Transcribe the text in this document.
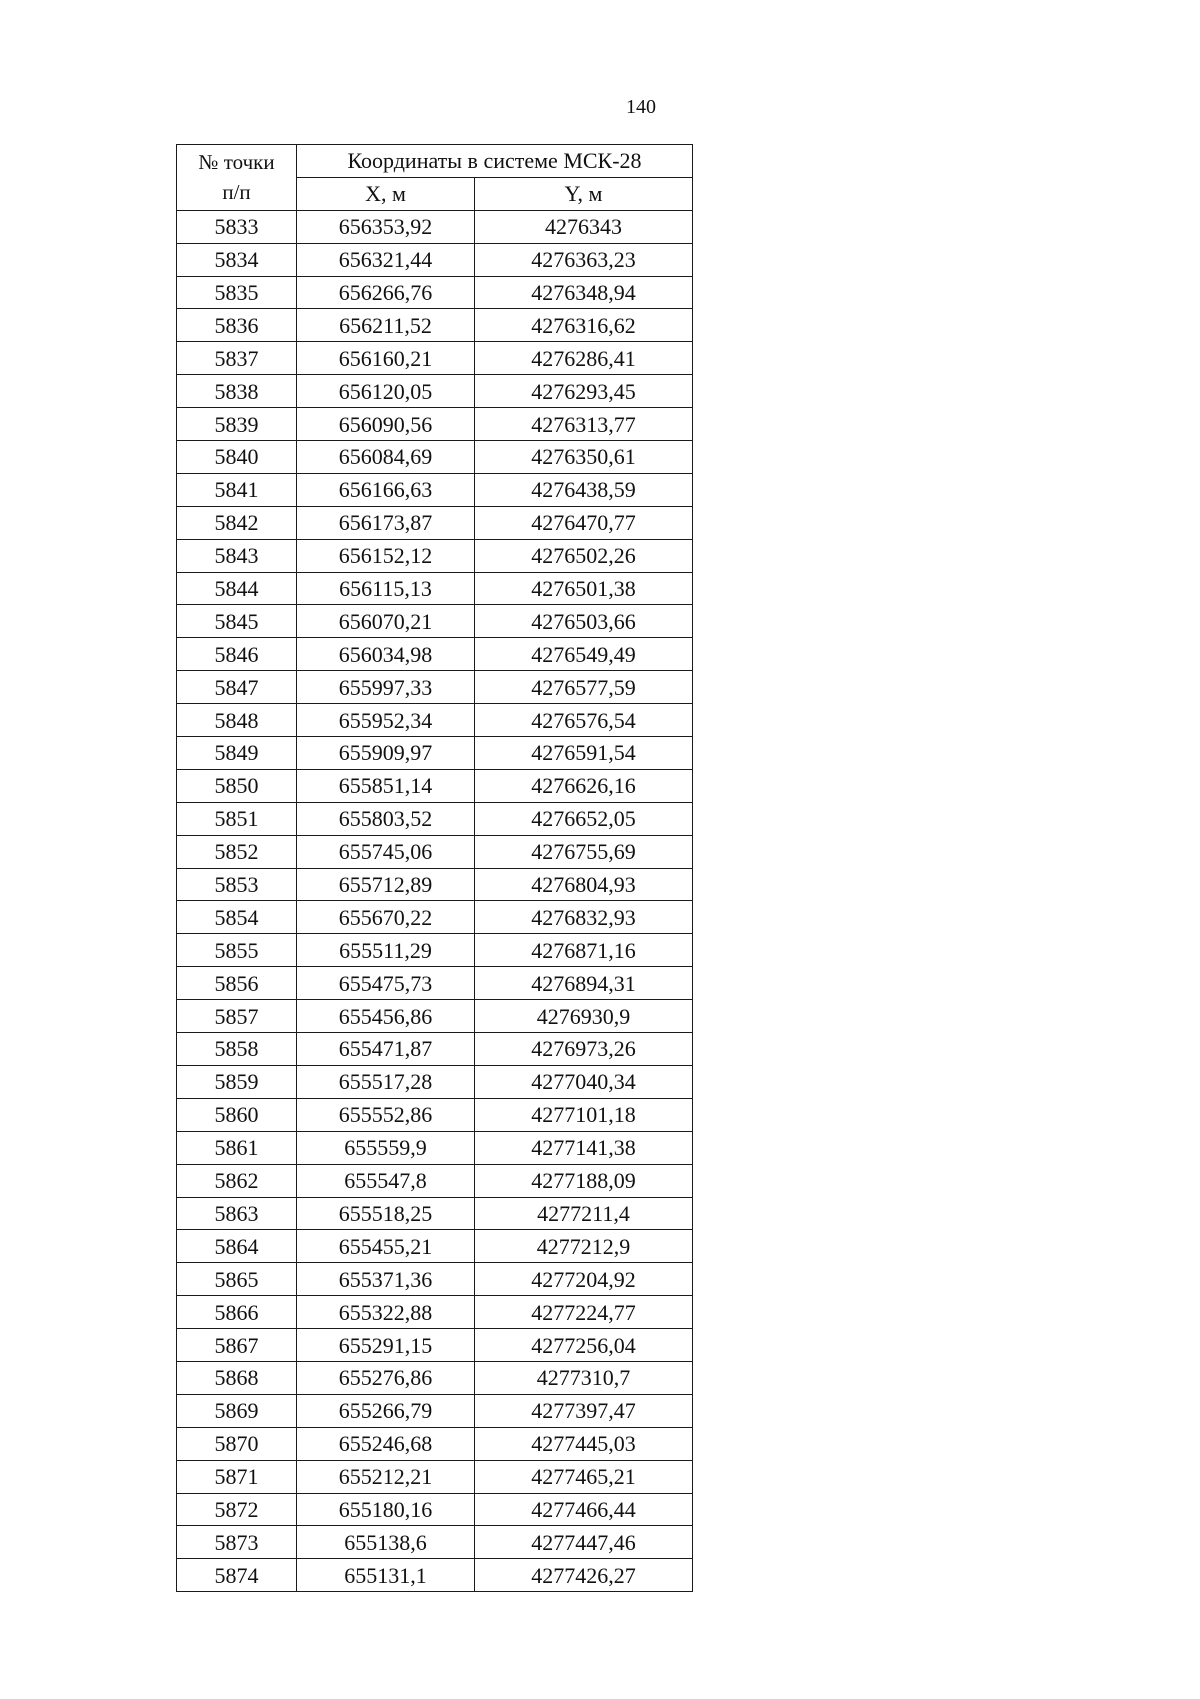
140
№ точки
п/п	Координаты в системе МСК-28	
	X, м	Y, м
5833	656353,92	4276343
5834	656321,44	4276363,23
5835	656266,76	4276348,94
5836	656211,52	4276316,62
5837	656160,21	4276286,41
5838	656120,05	4276293,45
5839	656090,56	4276313,77
5840	656084,69	4276350,61
5841	656166,63	4276438,59
5842	656173,87	4276470,77
5843	656152,12	4276502,26
5844	656115,13	4276501,38
5845	656070,21	4276503,66
5846	656034,98	4276549,49
5847	655997,33	4276577,59
5848	655952,34	4276576,54
5849	655909,97	4276591,54
5850	655851,14	4276626,16
5851	655803,52	4276652,05
5852	655745,06	4276755,69
5853	655712,89	4276804,93
5854	655670,22	4276832,93
5855	655511,29	4276871,16
5856	655475,73	4276894,31
5857	655456,86	4276930,9
5858	655471,87	4276973,26
5859	655517,28	4277040,34
5860	655552,86	4277101,18
5861	655559,9	4277141,38
5862	655547,8	4277188,09
5863	655518,25	4277211,4
5864	655455,21	4277212,9
5865	655371,36	4277204,92
5866	655322,88	4277224,77
5867	655291,15	4277256,04
5868	655276,86	4277310,7
5869	655266,79	4277397,47
5870	655246,68	4277445,03
5871	655212,21	4277465,21
5872	655180,16	4277466,44
5873	655138,6	4277447,46
5874	655131,1	4277426,27
